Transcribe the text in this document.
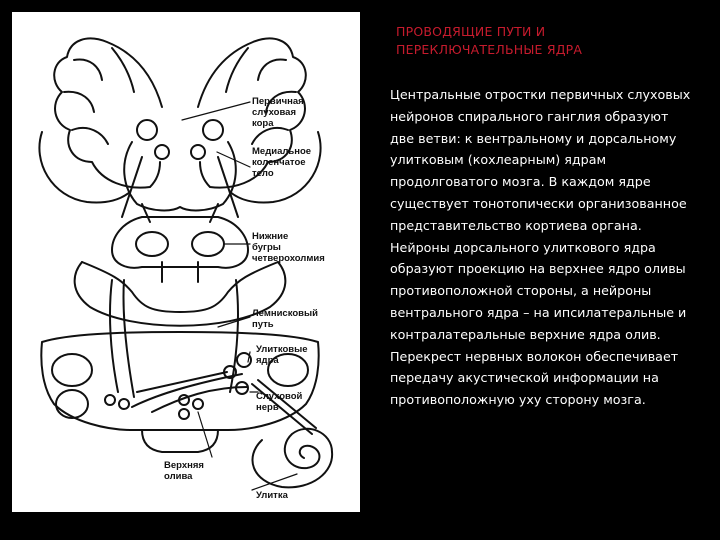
Первичная
слуховая
кора
Медиальное
коленчатое
тело
Нижние
бугры
четверохолмия
Лемнисковый
путь
Улитковые
ядра
Слуховой
нерв
Верхняя
олива
Улитка
ПРОВОДЯЩИЕ ПУТИ И
ПЕРЕКЛЮЧАТЕЛЬНЫЕ ЯДРА
Центральные отростки первичных слуховых нейронов спирального ганглия образуют две ветви: к вентральному и дорсальному улитковым (кохлеарным) ядрам продолговатого мозга. В каждом ядре существует тонотопически организованное представительство кортиева органа. Нейроны дорсального улиткового ядра образуют проекцию на верхнее ядро оливы противоположной стороны, а нейроны вентрального ядра – на ипсилатеральные и контралатеральные верхние ядра олив. Перекрест нервных волокон обеспечивает передачу акустической информации на противоположную уху сторону мозга.
